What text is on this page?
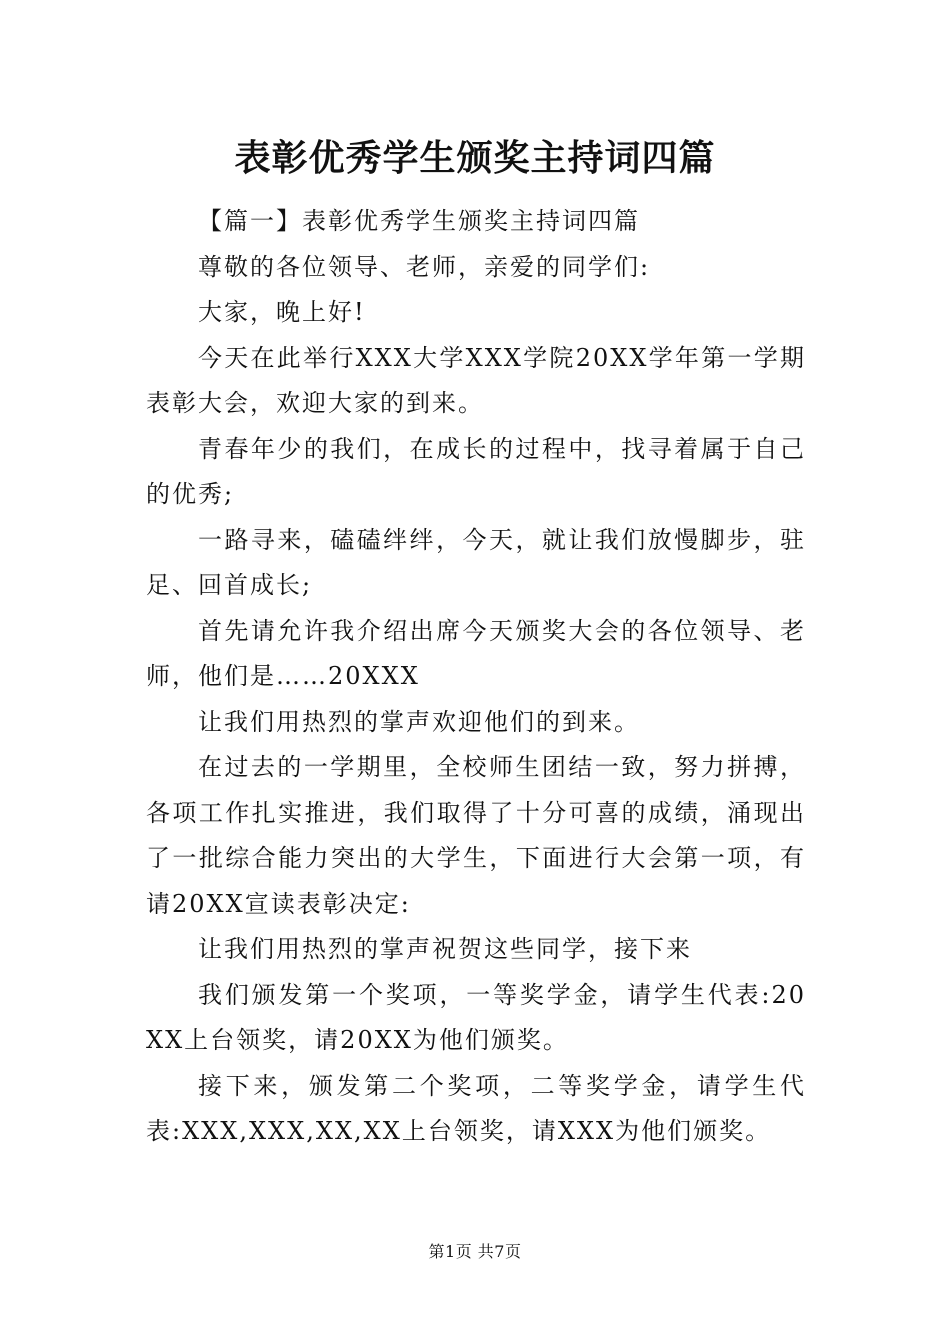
表彰优秀学生颁奖主持词四篇

【篇一】表彰优秀学生颁奖主持词四篇

尊敬的各位领导、老师，亲爱的同学们:

大家，晚上好!

今天在此举行XXX大学XXX学院20XX学年第一学期表彰大会，欢迎大家的到来。

青春年少的我们，在成长的过程中，找寻着属于自己的优秀;

一路寻来，磕磕绊绊，今天，就让我们放慢脚步，驻足、回首成长;

首先请允许我介绍出席今天颁奖大会的各位领导、老师，他们是……20XXX

让我们用热烈的掌声欢迎他们的到来。

在过去的一学期里，全校师生团结一致，努力拼搏，各项工作扎实推进，我们取得了十分可喜的成绩，涌现出了一批综合能力突出的大学生，下面进行大会第一项，有请20XX宣读表彰决定:

让我们用热烈的掌声祝贺这些同学，接下来

我们颁发第一个奖项，一等奖学金，请学生代表:20XX上台领奖，请20XX为他们颁奖。

接下来，颁发第二个奖项，二等奖学金，请学生代表:XXX,XXX,XX,XX上台领奖，请XXX为他们颁奖。

第1页 共7页
